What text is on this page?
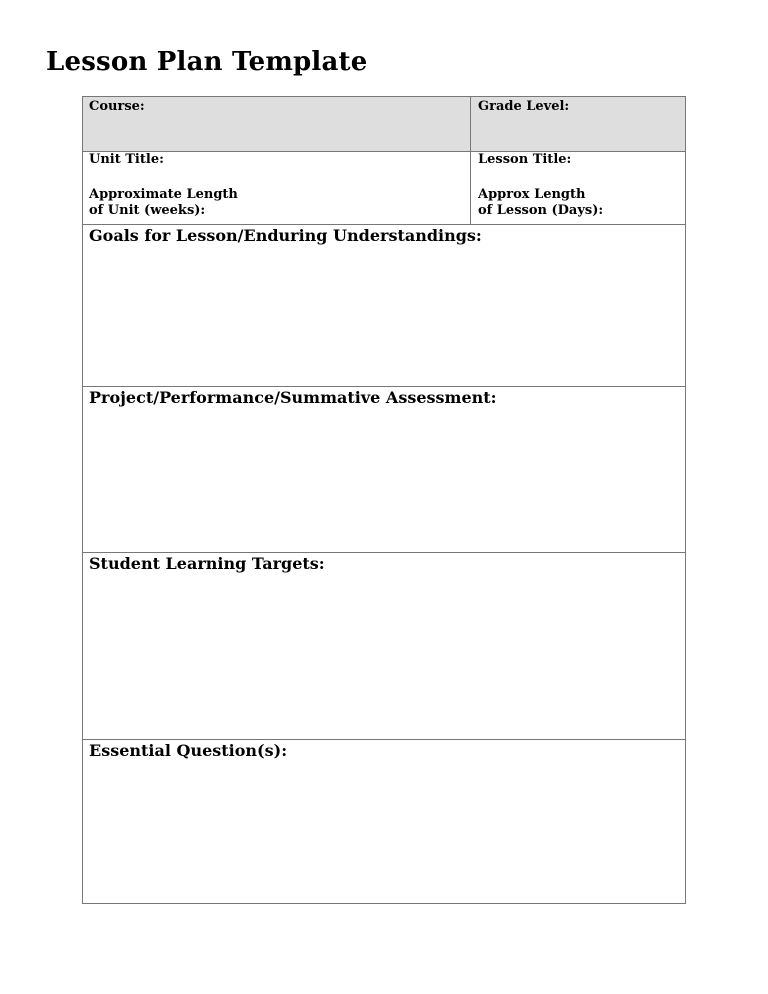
Lesson Plan Template
Course:	Grade Level:
Unit Title:
Approximate Length
of Unit (weeks):
Lesson Title:
Approx Length
of Lesson (Days):
Goals for Lesson/Enduring Understandings:
Project/Performance/Summative Assessment:
Student Learning Targets:
Essential Question(s):
